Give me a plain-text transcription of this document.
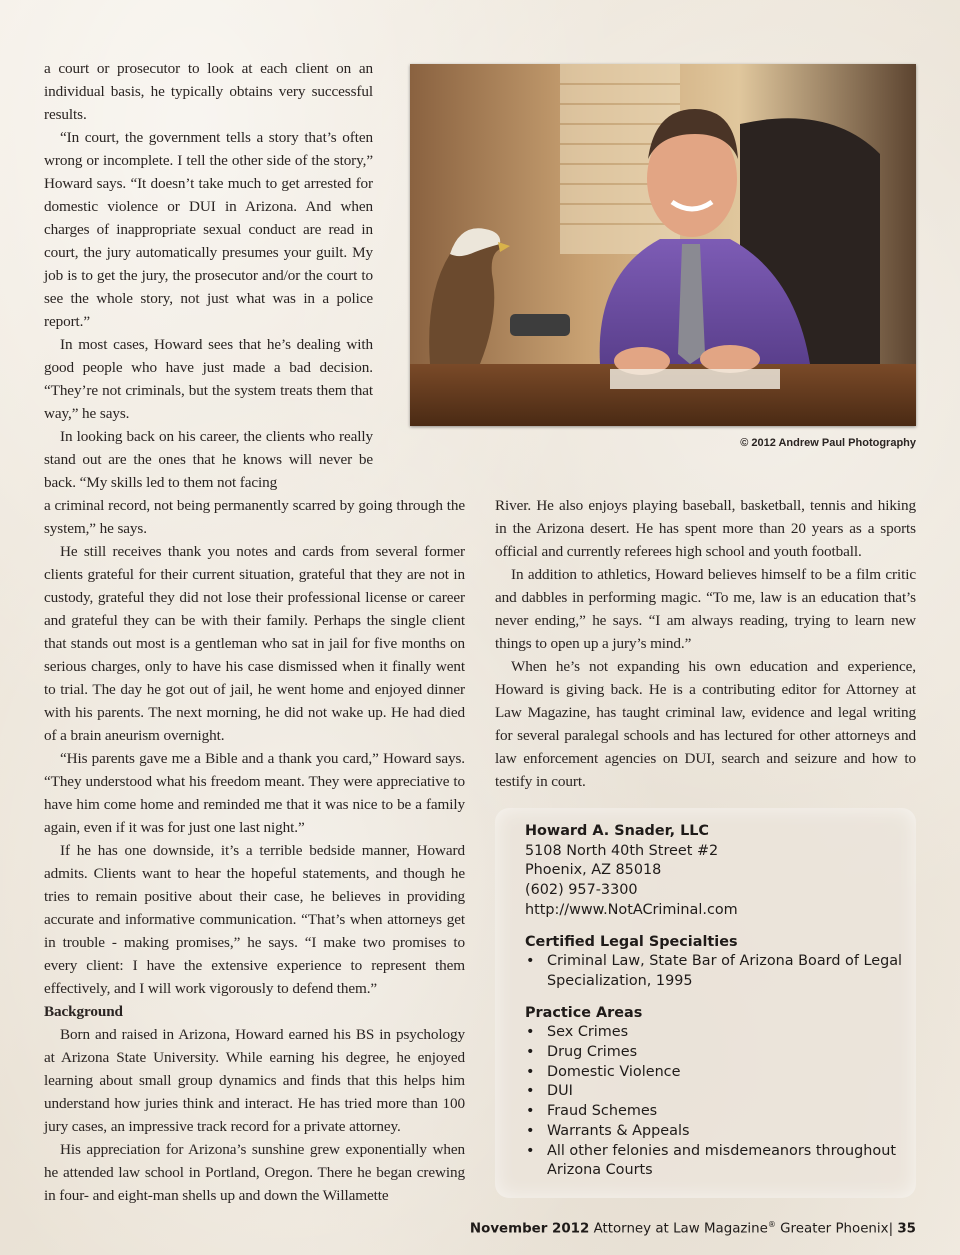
a court or prosecutor to look at each client on an individual basis, he typically obtains very successful results.

“In court, the government tells a story that’s often wrong or incomplete. I tell the other side of the story,” Howard says. “It doesn’t take much to get arrested for domestic violence or DUI in Arizona. And when charges of inappropriate sexual conduct are read in court, the jury automatically presumes your guilt. My job is to get the jury, the prosecutor and/or the court to see the whole story, not just what was in a police report.”

In most cases, Howard sees that he’s dealing with good people who have just made a bad decision. “They’re not criminals, but the system treats them that way,” he says.

In looking back on his career, the clients who really stand out are the ones that he knows will never be back. “My skills led to them not facing

© 2012 Andrew Paul Photography

a criminal record, not being permanently scarred by going through the system,” he says.

He still receives thank you notes and cards from several former clients grateful for their current situation, grateful that they are not in custody, grateful they did not lose their professional license or career and grateful they can be with their family. Perhaps the single client that stands out most is a gentleman who sat in jail for five months on serious charges, only to have his case dismissed when it finally went to trial. The day he got out of jail, he went home and enjoyed dinner with his parents. The next morning, he did not wake up. He had died of a brain aneurism overnight.

“His parents gave me a Bible and a thank you card,” Howard says. “They understood what his freedom meant. They were appreciative to have him come home and reminded me that it was nice to be a family again, even if it was for just one last night.”

If he has one downside, it’s a terrible bedside manner, Howard admits. Clients want to hear the hopeful statements, and though he tries to remain positive about their case, he believes in providing accurate and informative communication. “That’s when attorneys get in trouble - making promises,” he says. “I make two promises to every client: I have the extensive experience to represent them effectively, and I will work vigorously to defend them.”

Background

Born and raised in Arizona, Howard earned his BS in psychology at Arizona State University. While earning his degree, he enjoyed learning about small group dynamics and finds that this helps him understand how juries think and interact. He has tried more than 100 jury cases, an impressive track record for a private attorney.

His appreciation for Arizona’s sunshine grew exponentially when he attended law school in Portland, Oregon. There he began crewing in four- and eight-man shells up and down the Willamette

River. He also enjoys playing baseball, basketball, tennis and hiking in the Arizona desert. He has spent more than 20 years as a sports official and currently referees high school and youth football.

In addition to athletics, Howard believes himself to be a film critic and dabbles in performing magic. “To me, law is an education that’s never ending,” he says. “I am always reading, trying to learn new things to open up a jury’s mind.”

When he’s not expanding his own education and experience, Howard is giving back. He is a contributing editor for Attorney at Law Magazine, has taught criminal law, evidence and legal writing for several paralegal schools and has lectured for other attorneys and law enforcement agencies on DUI, search and seizure and how to testify in court.

Howard A. Snader, LLC

5108 North 40th Street #2

Phoenix, AZ 85018

(602) 957-3300

http://www.NotACriminal.com

Certified Legal Specialties

• Criminal Law, State Bar of Arizona Board of Legal Specialization, 1995

Practice Areas

• Sex Crimes
• Drug Crimes
• Domestic Violence
• DUI
• Fraud Schemes
• Warrants & Appeals
• All other felonies and misdemeanors throughout Arizona Courts
November 2012 Attorney at Law Magazine® Greater Phoenix| 35
